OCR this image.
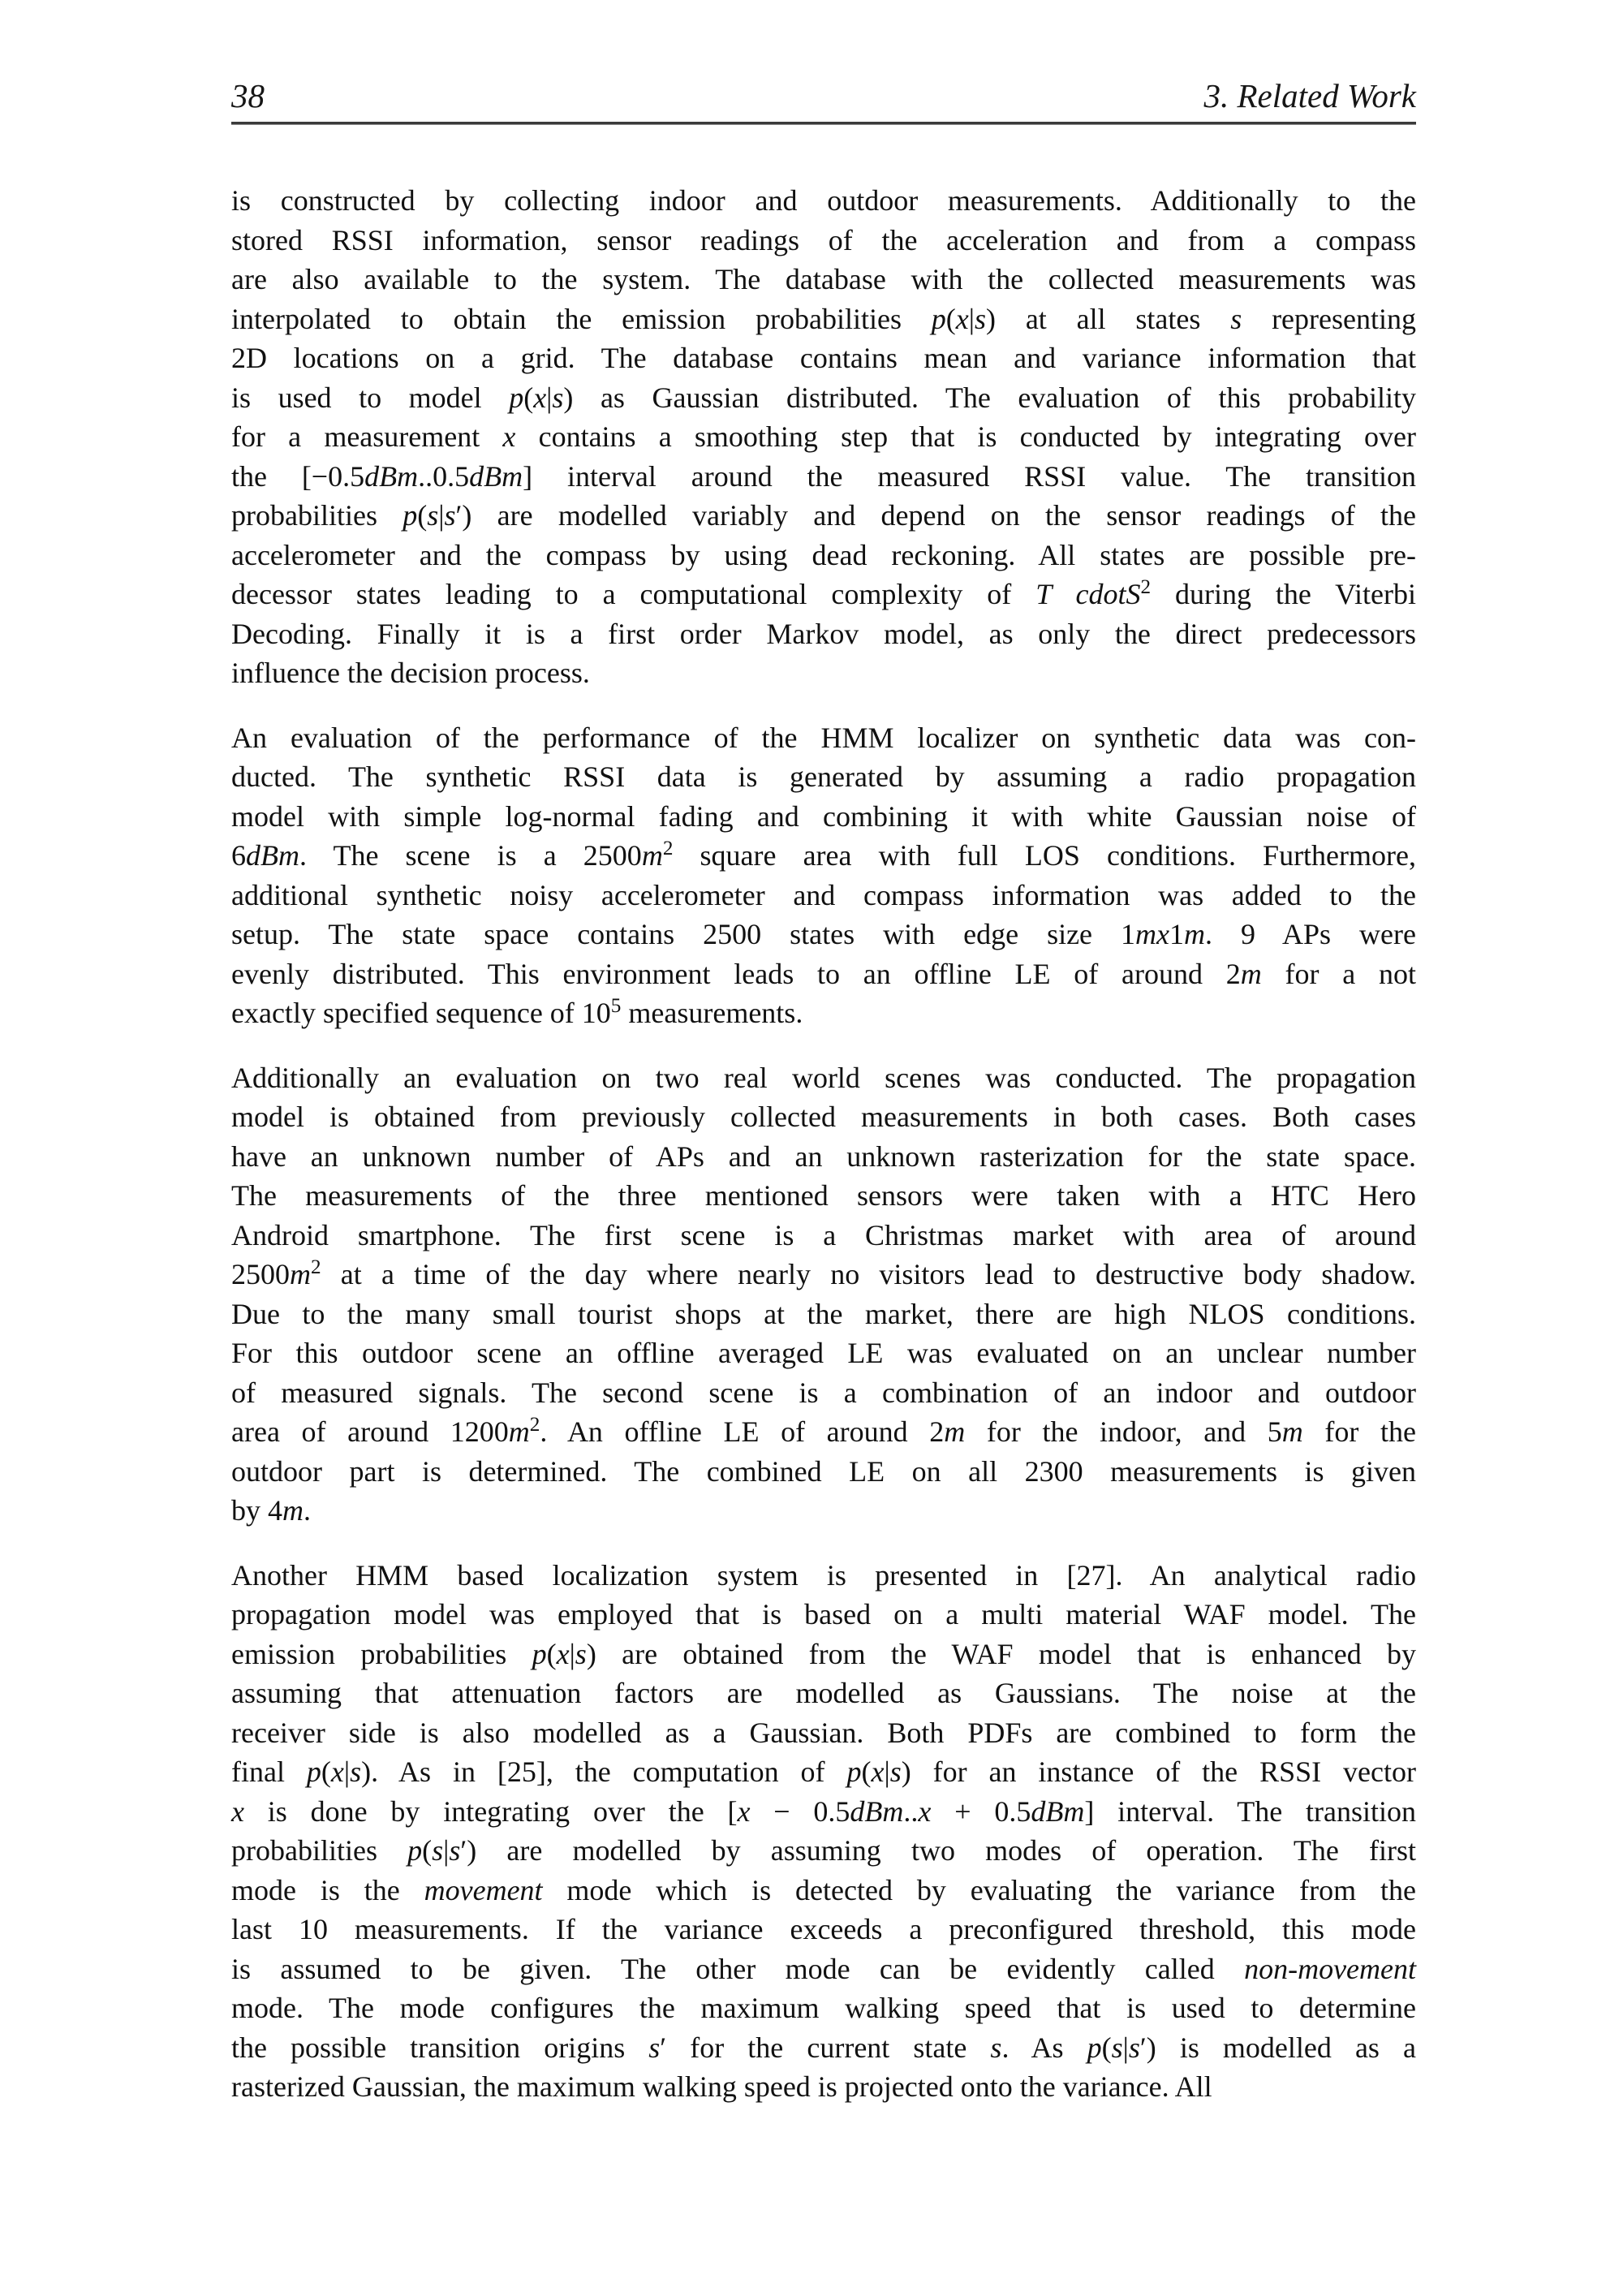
38	3. Related Work
is constructed by collecting indoor and outdoor measurements. Additionally to the
stored RSSI information, sensor readings of the acceleration and from a compass
are also available to the system. The database with the collected measurements was
interpolated to obtain the emission probabilities p(x|s) at all states s representing
2D locations on a grid. The database contains mean and variance information that
is used to model p(x|s) as Gaussian distributed. The evaluation of this probability
for a measurement x contains a smoothing step that is conducted by integrating over
the [−0.5dBm..0.5dBm] interval around the measured RSSI value. The transition
probabilities p(s|s′) are modelled variably and depend on the sensor readings of the
accelerometer and the compass by using dead reckoning. All states are possible pre-
decessor states leading to a computational complexity of T cdotS$^2$ during the Viterbi
Decoding. Finally it is a first order Markov model, as only the direct predecessors
influence the decision process.
An evaluation of the performance of the HMM localizer on synthetic data was con-
ducted. The synthetic RSSI data is generated by assuming a radio propagation
model with simple log-normal fading and combining it with white Gaussian noise of
6dBm. The scene is a $2500m^2$ square area with full LOS conditions. Furthermore,
additional synthetic noisy accelerometer and compass information was added to the
setup. The state space contains 2500 states with edge size 1mx1m. 9 APs were
evenly distributed. This environment leads to an offline LE of around 2m for a not
exactly specified sequence of $10^5$ measurements.
Additionally an evaluation on two real world scenes was conducted. The propagation
model is obtained from previously collected measurements in both cases. Both cases
have an unknown number of APs and an unknown rasterization for the state space.
The measurements of the three mentioned sensors were taken with a HTC Hero
Android smartphone. The first scene is a Christmas market with area of around
$2500m^2$ at a time of the day where nearly no visitors lead to destructive body shadow.
Due to the many small tourist shops at the market, there are high NLOS conditions.
For this outdoor scene an offline averaged LE was evaluated on an unclear number
of measured signals. The second scene is a combination of an indoor and outdoor
area of around $1200m^2$. An offline LE of around 2m for the indoor, and 5m for the
outdoor part is determined. The combined LE on all 2300 measurements is given
by 4m.
Another HMM based localization system is presented in [27]. An analytical radio
propagation model was employed that is based on a multi material WAF model. The
emission probabilities p(x|s) are obtained from the WAF model that is enhanced by
assuming that attenuation factors are modelled as Gaussians. The noise at the
receiver side is also modelled as a Gaussian. Both PDFs are combined to form the
final p(x|s). As in [25], the computation of p(x|s) for an instance of the RSSI vector
x is done by integrating over the [x − 0.5dBm..x + 0.5dBm] interval. The transition
probabilities p(s|s′) are modelled by assuming two modes of operation. The first
mode is the movement mode which is detected by evaluating the variance from the
last 10 measurements. If the variance exceeds a preconfigured threshold, this mode
is assumed to be given. The other mode can be evidently called non-movement
mode. The mode configures the maximum walking speed that is used to determine
the possible transition origins s′ for the current state s. As p(s|s′) is modelled as a
rasterized Gaussian, the maximum walking speed is projected onto the variance. All
